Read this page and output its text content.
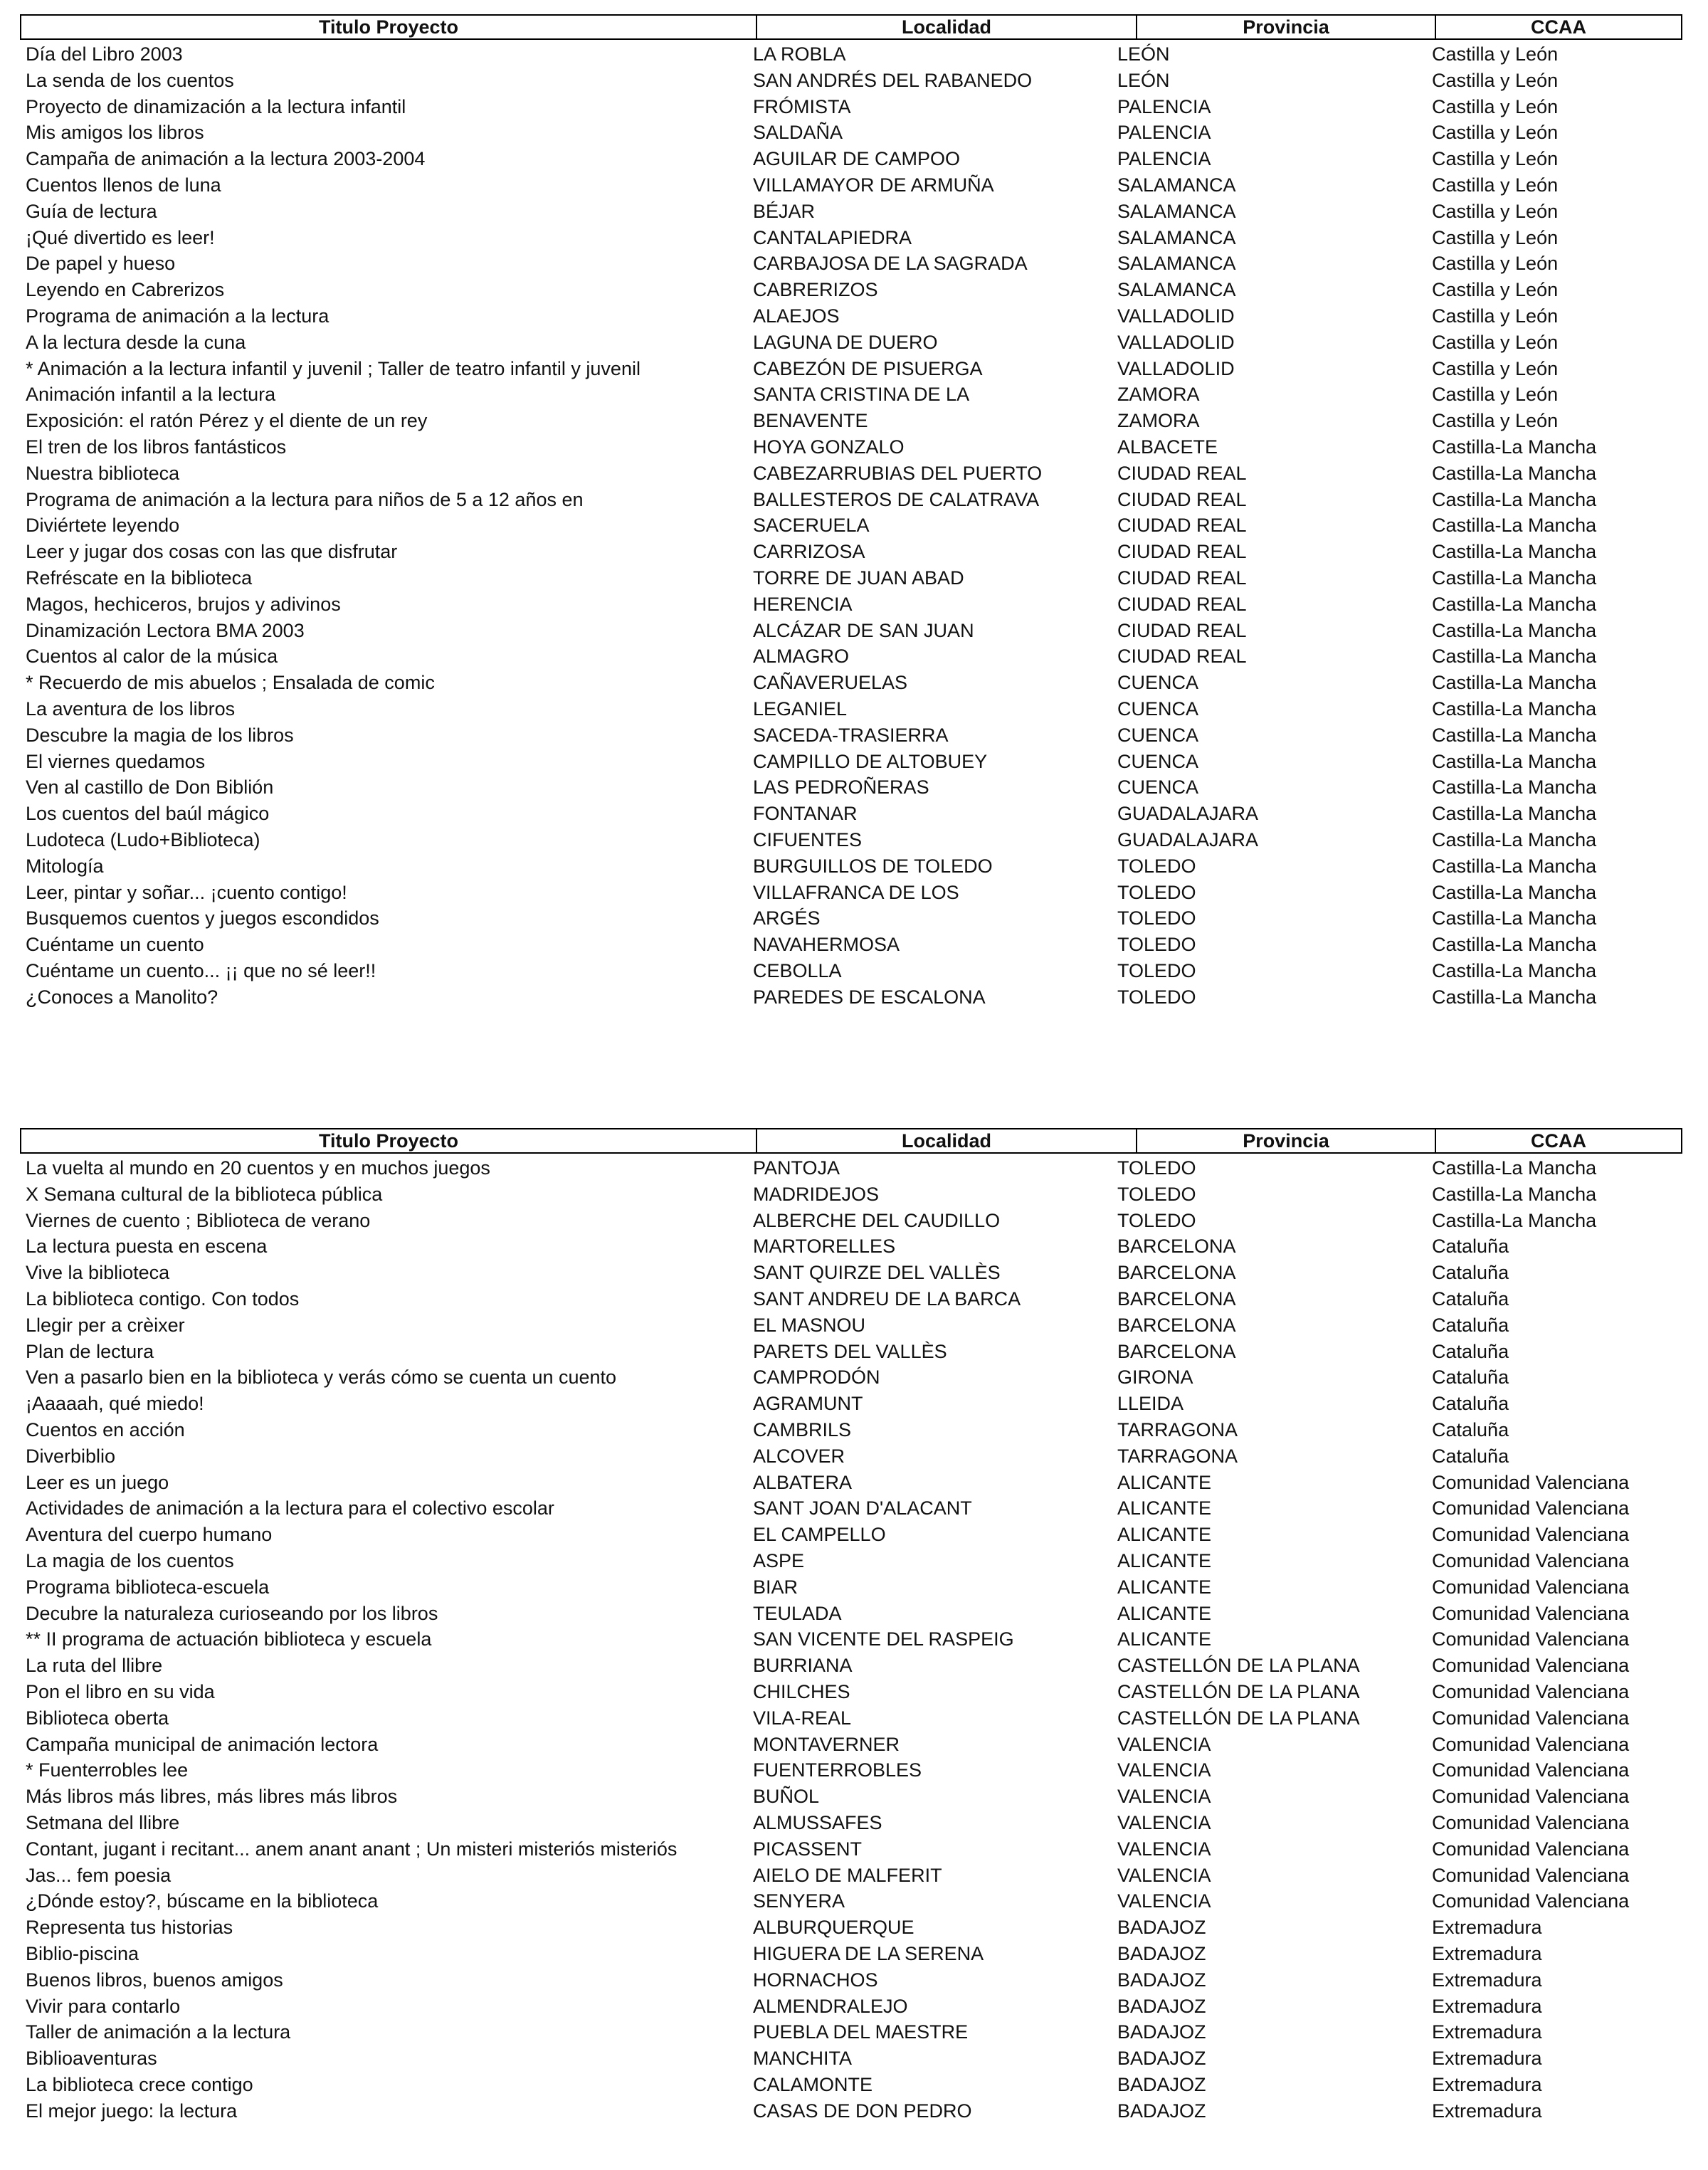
Titulo Proyecto	Localidad	Provincia	CCAA
Día del Libro 2003	LA ROBLA	LEÓN	Castilla y León
La senda de los cuentos	SAN ANDRÉS DEL RABANEDO	LEÓN	Castilla y León
Proyecto de dinamización a la lectura infantil	FRÓMISTA	PALENCIA	Castilla y León
Mis amigos los libros	SALDAÑA	PALENCIA	Castilla y León
Campaña de animación a la lectura 2003-2004	AGUILAR DE CAMPOO	PALENCIA	Castilla y León
Cuentos llenos de luna	VILLAMAYOR DE ARMUÑA	SALAMANCA	Castilla y León
Guía de lectura	BÉJAR	SALAMANCA	Castilla y León
¡Qué divertido es leer!	CANTALAPIEDRA	SALAMANCA	Castilla y León
De papel y hueso	CARBAJOSA DE LA SAGRADA	SALAMANCA	Castilla y León
Leyendo en Cabrerizos	CABRERIZOS	SALAMANCA	Castilla y León
Programa de animación a la lectura	ALAEJOS	VALLADOLID	Castilla y León
A la lectura desde la cuna	LAGUNA DE DUERO	VALLADOLID	Castilla y León
* Animación a la lectura infantil y juvenil ; Taller de teatro infantil y juvenil	CABEZÓN DE PISUERGA	VALLADOLID	Castilla y León
Animación infantil a la lectura	SANTA CRISTINA DE LA	ZAMORA	Castilla y León
Exposición: el ratón Pérez y el diente de un rey	BENAVENTE	ZAMORA	Castilla y León
El tren de los libros fantásticos	HOYA GONZALO	ALBACETE	Castilla-La Mancha
Nuestra biblioteca	CABEZARRUBIAS DEL PUERTO	CIUDAD REAL	Castilla-La Mancha
Programa de animación a la lectura para niños de 5 a 12 años en	BALLESTEROS DE CALATRAVA	CIUDAD REAL	Castilla-La Mancha
Diviértete leyendo	SACERUELA	CIUDAD REAL	Castilla-La Mancha
Leer y jugar dos cosas con las que disfrutar	CARRIZOSA	CIUDAD REAL	Castilla-La Mancha
Refréscate en la biblioteca	TORRE DE JUAN ABAD	CIUDAD REAL	Castilla-La Mancha
Magos, hechiceros, brujos y adivinos	HERENCIA	CIUDAD REAL	Castilla-La Mancha
Dinamización Lectora BMA 2003	ALCÁZAR DE SAN JUAN	CIUDAD REAL	Castilla-La Mancha
Cuentos al calor de la música	ALMAGRO	CIUDAD REAL	Castilla-La Mancha
* Recuerdo de mis abuelos ; Ensalada de comic	CAÑAVERUELAS	CUENCA	Castilla-La Mancha
La aventura de los libros	LEGANIEL	CUENCA	Castilla-La Mancha
Descubre la magia de los libros	SACEDA-TRASIERRA	CUENCA	Castilla-La Mancha
El viernes quedamos	CAMPILLO DE ALTOBUEY	CUENCA	Castilla-La Mancha
Ven al castillo de Don Biblión	LAS PEDROÑERAS	CUENCA	Castilla-La Mancha
Los cuentos del baúl mágico	FONTANAR	GUADALAJARA	Castilla-La Mancha
Ludoteca (Ludo+Biblioteca)	CIFUENTES	GUADALAJARA	Castilla-La Mancha
Mitología	BURGUILLOS DE TOLEDO	TOLEDO	Castilla-La Mancha
Leer, pintar y soñar... ¡cuento contigo!	VILLAFRANCA DE LOS	TOLEDO	Castilla-La Mancha
Busquemos cuentos y juegos escondidos	ARGÉS	TOLEDO	Castilla-La Mancha
Cuéntame un cuento	NAVAHERMOSA	TOLEDO	Castilla-La Mancha
Cuéntame un cuento... ¡¡ que no sé leer!!	CEBOLLA	TOLEDO	Castilla-La Mancha
¿Conoces a Manolito?	PAREDES DE ESCALONA	TOLEDO	Castilla-La Mancha
Titulo Proyecto	Localidad	Provincia	CCAA
La vuelta al mundo en 20 cuentos y en muchos juegos	PANTOJA	TOLEDO	Castilla-La Mancha
X Semana cultural de la biblioteca pública	MADRIDEJOS	TOLEDO	Castilla-La Mancha
Viernes de cuento ; Biblioteca de verano	ALBERCHE DEL CAUDILLO	TOLEDO	Castilla-La Mancha
La lectura puesta en escena	MARTORELLES	BARCELONA	Cataluña
Vive la biblioteca	SANT QUIRZE DEL VALLÈS	BARCELONA	Cataluña
La biblioteca contigo. Con todos	SANT ANDREU DE LA BARCA	BARCELONA	Cataluña
Llegir per a crèixer	EL MASNOU	BARCELONA	Cataluña
Plan de lectura	PARETS DEL VALLÈS	BARCELONA	Cataluña
Ven a pasarlo bien en la biblioteca y verás cómo se cuenta un cuento	CAMPRODÓN	GIRONA	Cataluña
¡Aaaaah, qué miedo!	AGRAMUNT	LLEIDA	Cataluña
Cuentos en acción	CAMBRILS	TARRAGONA	Cataluña
Diverbiblio	ALCOVER	TARRAGONA	Cataluña
Leer es un juego	ALBATERA	ALICANTE	Comunidad Valenciana
Actividades de animación a la lectura para el colectivo escolar	SANT JOAN D'ALACANT	ALICANTE	Comunidad Valenciana
Aventura del cuerpo humano	EL CAMPELLO	ALICANTE	Comunidad Valenciana
La magia de los cuentos	ASPE	ALICANTE	Comunidad Valenciana
Programa biblioteca-escuela	BIAR	ALICANTE	Comunidad Valenciana
Decubre la naturaleza curioseando por los libros	TEULADA	ALICANTE	Comunidad Valenciana
** II programa de actuación biblioteca y escuela	SAN VICENTE DEL RASPEIG	ALICANTE	Comunidad Valenciana
La ruta del llibre	BURRIANA	CASTELLÓN DE LA PLANA	Comunidad Valenciana
Pon el libro en su vida	CHILCHES	CASTELLÓN DE LA PLANA	Comunidad Valenciana
Biblioteca oberta	VILA-REAL	CASTELLÓN DE LA PLANA	Comunidad Valenciana
Campaña municipal de animación lectora	MONTAVERNER	VALENCIA	Comunidad Valenciana
* Fuenterrobles lee	FUENTERROBLES	VALENCIA	Comunidad Valenciana
Más libros más libres, más libres más libros	BUÑOL	VALENCIA	Comunidad Valenciana
Setmana del llibre	ALMUSSAFES	VALENCIA	Comunidad Valenciana
Contant, jugant i recitant... anem anant anant ; Un misteri misteriós misteriós	PICASSENT	VALENCIA	Comunidad Valenciana
Jas... fem poesia	AIELO DE MALFERIT	VALENCIA	Comunidad Valenciana
¿Dónde estoy?, búscame en la biblioteca	SENYERA	VALENCIA	Comunidad Valenciana
Representa tus historias	ALBURQUERQUE	BADAJOZ	Extremadura
Biblio-piscina	HIGUERA DE LA SERENA	BADAJOZ	Extremadura
Buenos libros, buenos amigos	HORNACHOS	BADAJOZ	Extremadura
Vivir para contarlo	ALMENDRALEJO	BADAJOZ	Extremadura
Taller de animación a la lectura	PUEBLA DEL MAESTRE	BADAJOZ	Extremadura
Biblioaventuras	MANCHITA	BADAJOZ	Extremadura
La biblioteca crece contigo	CALAMONTE	BADAJOZ	Extremadura
El mejor juego: la lectura	CASAS DE DON PEDRO	BADAJOZ	Extremadura
